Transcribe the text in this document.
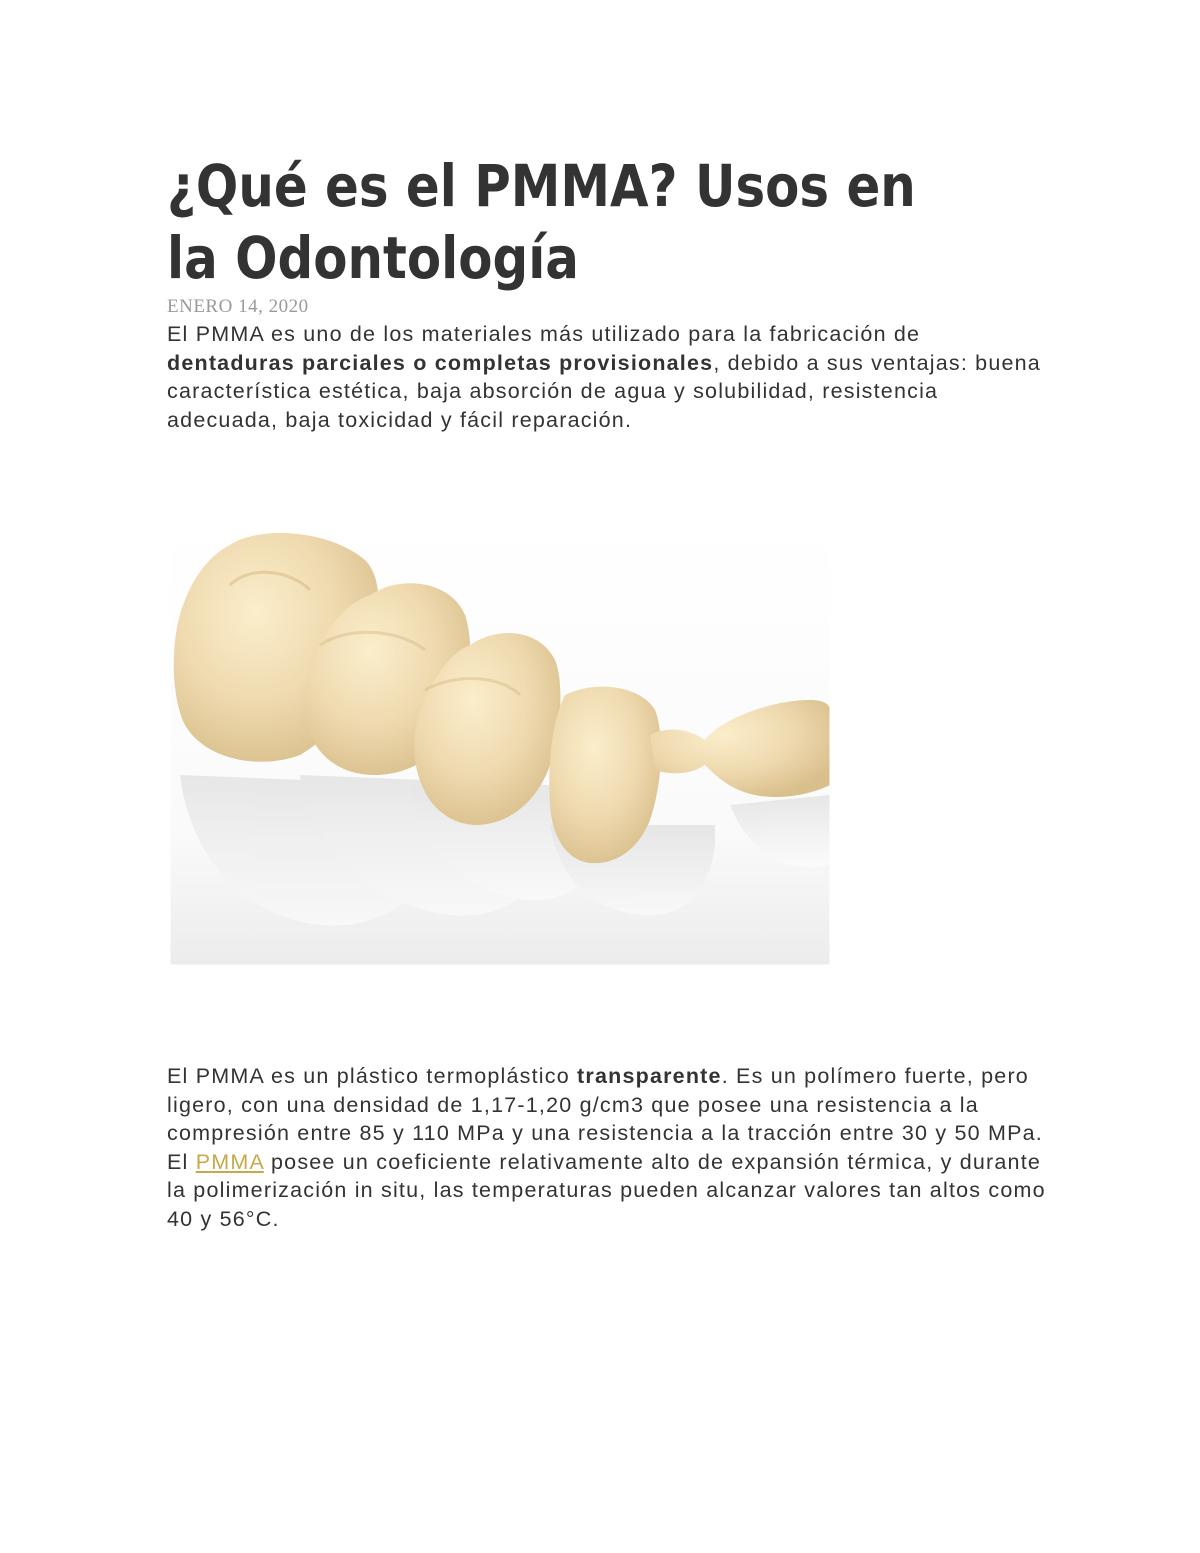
¿Qué es el PMMA? Usos en la Odontología
ENERO 14, 2020

El PMMA es uno de los materiales más utilizado para la fabricación de dentaduras parciales o completas provisionales, debido a sus ventajas: buena característica estética, baja absorción de agua y solubilidad, resistencia adecuada, baja toxicidad y fácil reparación.

El PMMA es un plástico termoplástico transparente. Es un polímero fuerte, pero ligero, con una densidad de 1,17-1,20 g/cm3 que posee una resistencia a la compresión entre 85 y 110 MPa y una resistencia a la tracción entre 30 y 50 MPa. El PMMA posee un coeficiente relativamente alto de expansión térmica, y durante la polimerización in situ, las temperaturas pueden alcanzar valores tan altos como 40 y 56°C.
